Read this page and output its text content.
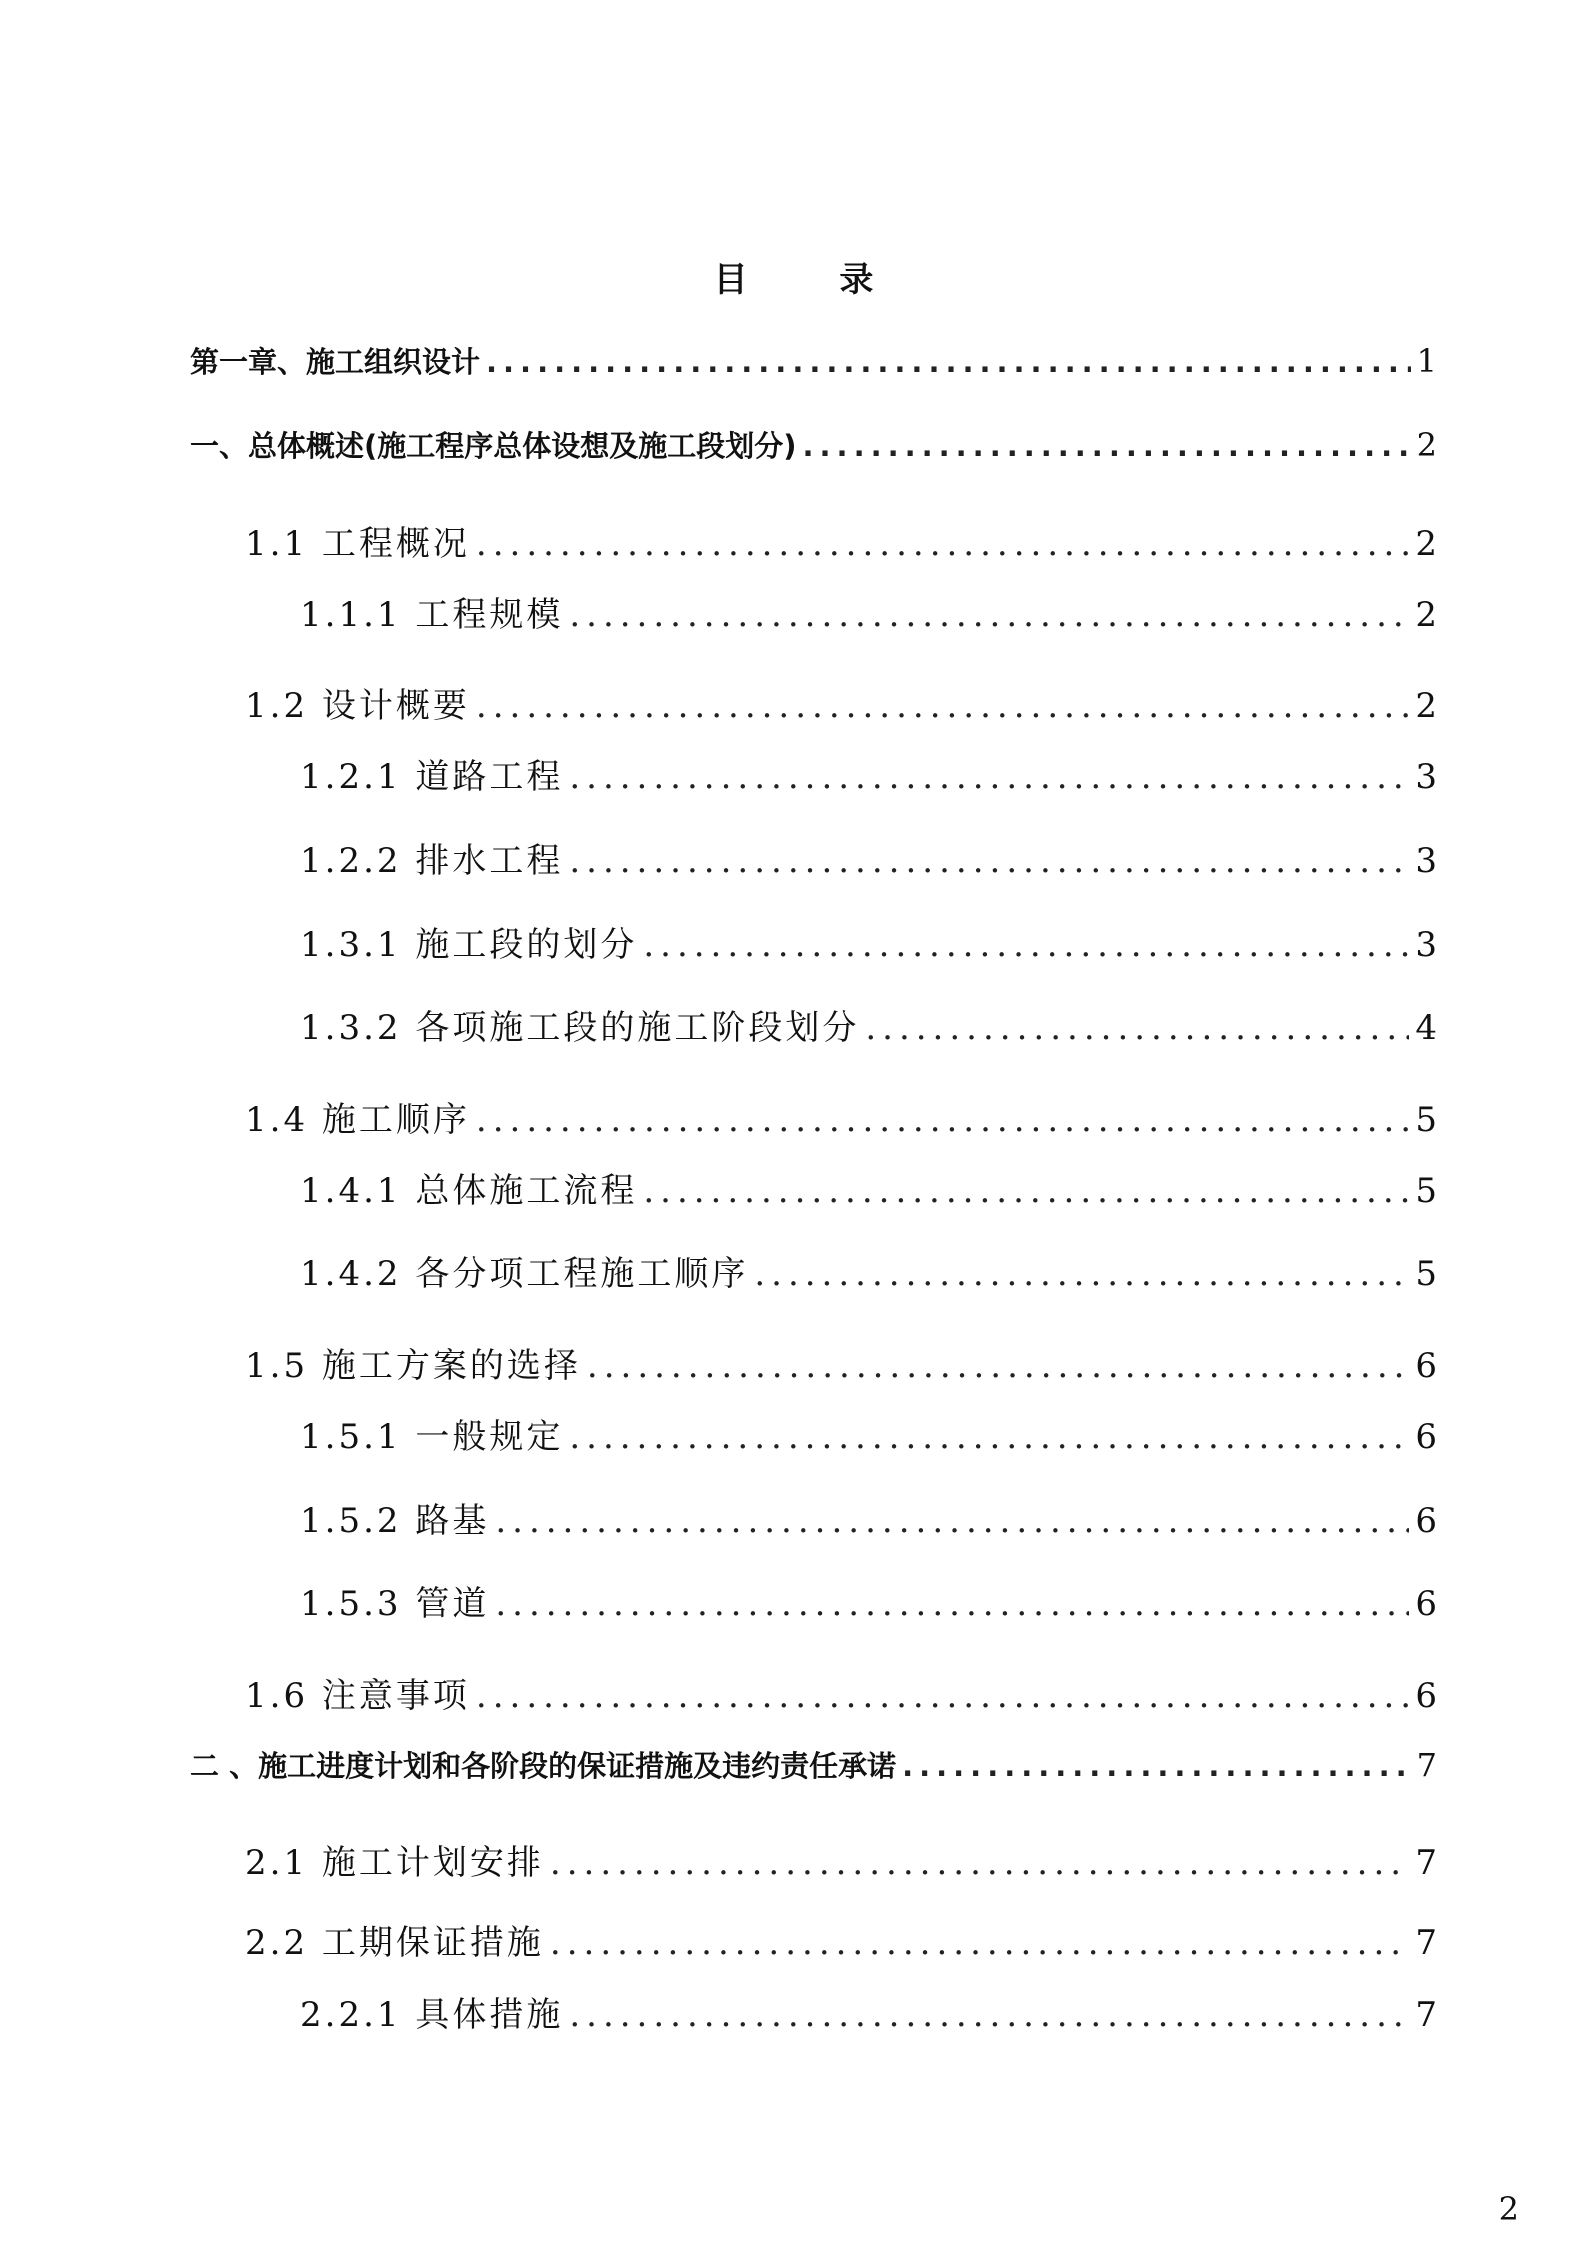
目 录
第一章、施工组织设计 .....	1
一、总体概述(施工程序总体设想及施工段划分) .....	2
1.1 工程概况 .....	2
1.1.1 工程规模 .....	2
1.2 设计概要 .....	2
1.2.1 道路工程 .....	3
1.2.2 排水工程 .....	3
1.3.1 施工段的划分 .....	3
1.3.2 各项施工段的施工阶段划分 .....	4
1.4 施工顺序 .....	5
1.4.1 总体施工流程 .....	5
1.4.2 各分项工程施工顺序 .....	5
1.5 施工方案的选择 .....	6
1.5.1 一般规定 .....	6
1.5.2 路基 .....	6
1.5.3 管道 .....	6
1.6 注意事项 .....	6
二 、施工进度计划和各阶段的保证措施及违约责任承诺 .....	7
2.1 施工计划安排 .....	7
2.2 工期保证措施 .....	7
2.2.1 具体措施 .....	7
2
